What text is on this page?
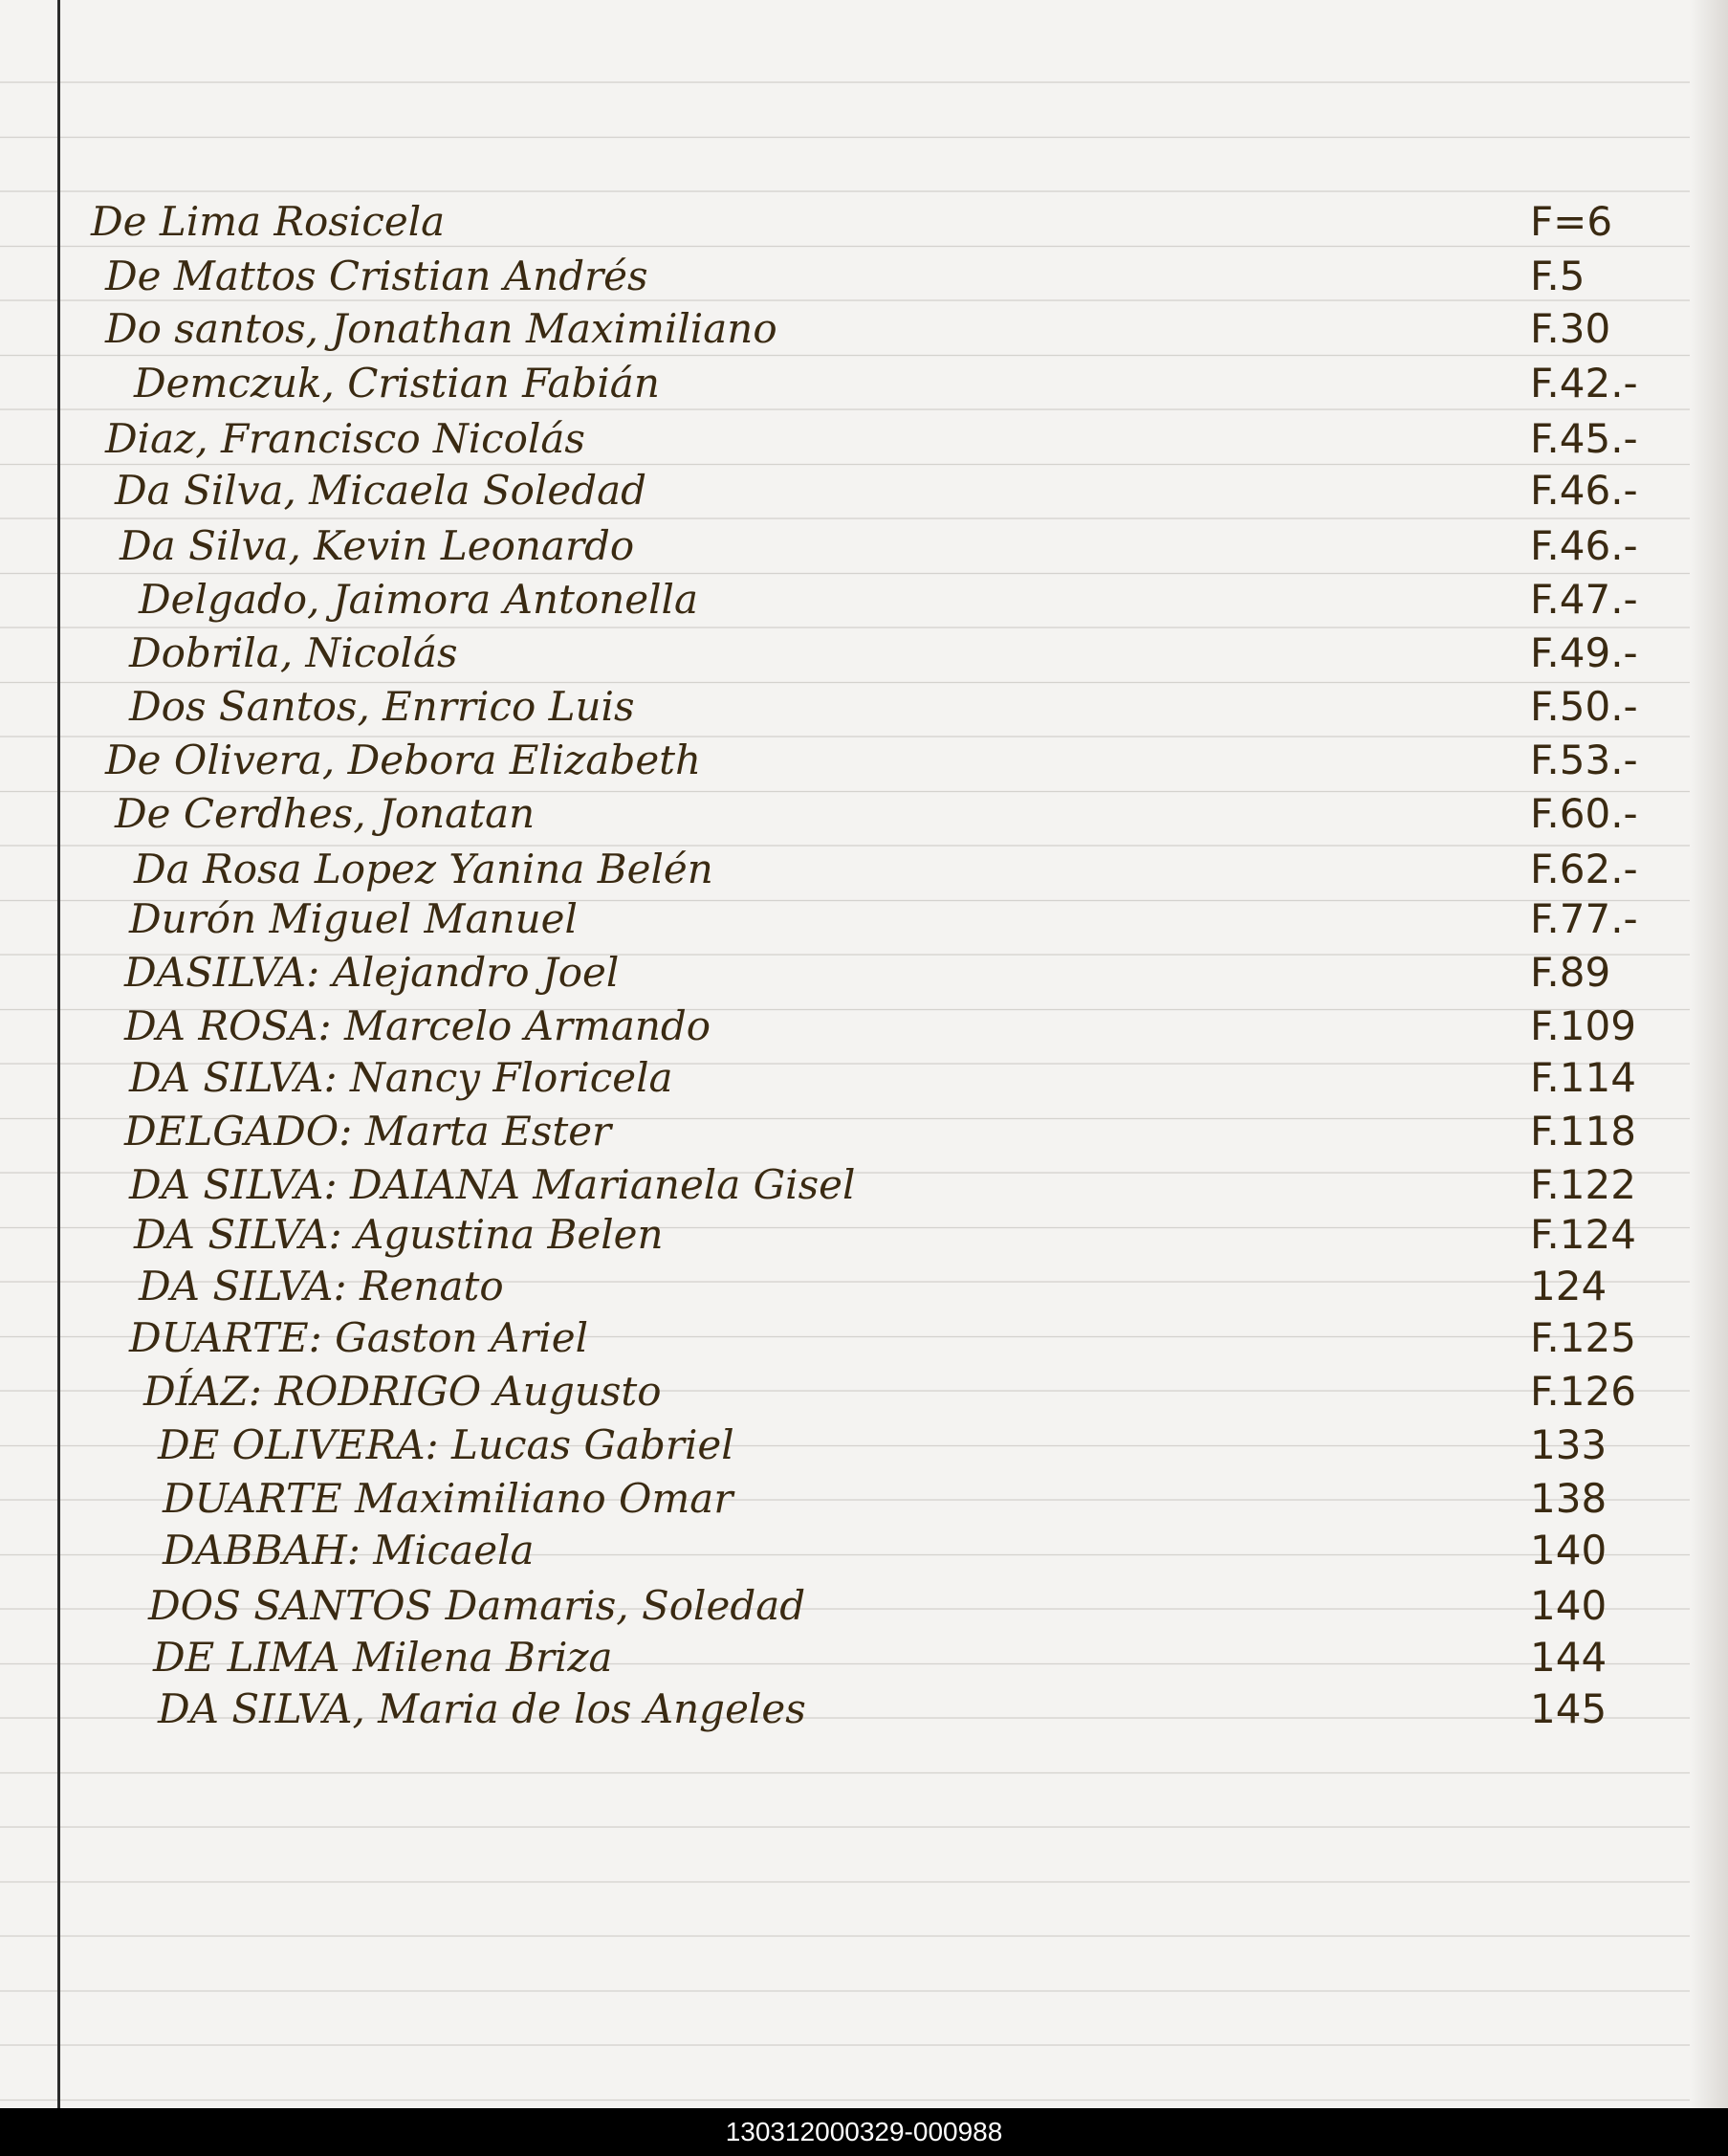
De Lima Rosicela	F=6
De Mattos Cristian Andrés	F.5
Do santos, Jonathan Maximiliano	F.30
Demczuk, Cristian Fabián	F.42.-
Diaz, Francisco Nicolás	F.45.-
Da Silva, Micaela Soledad	F.46.-
Da Silva, Kevin Leonardo	F.46.-
Delgado, Jaimora Antonella	F.47.-
Dobrila, Nicolás	F.49.-
Dos Santos, Enrrico Luis	F.50.-
De Olivera, Debora Elizabeth	F.53.-
De Cerdhes, Jonatan	F.60.-
Da Rosa Lopez Yanina Belén	F.62.-
Durón Miguel Manuel	F.77.-
DASILVA: Alejandro Joel	F.89
DA ROSA: Marcelo Armando	F.109
DA SILVA: Nancy Floricela	F.114
DELGADO: Marta Ester	F.118
DA SILVA: DAIANA Marianela Gisel	F.122
DA SILVA: Agustina Belen	F.124
DA SILVA: Renato	124
DUARTE: Gaston Ariel	F.125
DÍAZ: RODRIGO Augusto	F.126
DE OLIVERA: Lucas Gabriel	133
DUARTE Maximiliano Omar	138
DABBAH: Micaela	140
DOS SANTOS Damaris, Soledad	140
DE LIMA Milena Briza	144
DA SILVA, Maria de los Angeles	145
130312000329-000988
